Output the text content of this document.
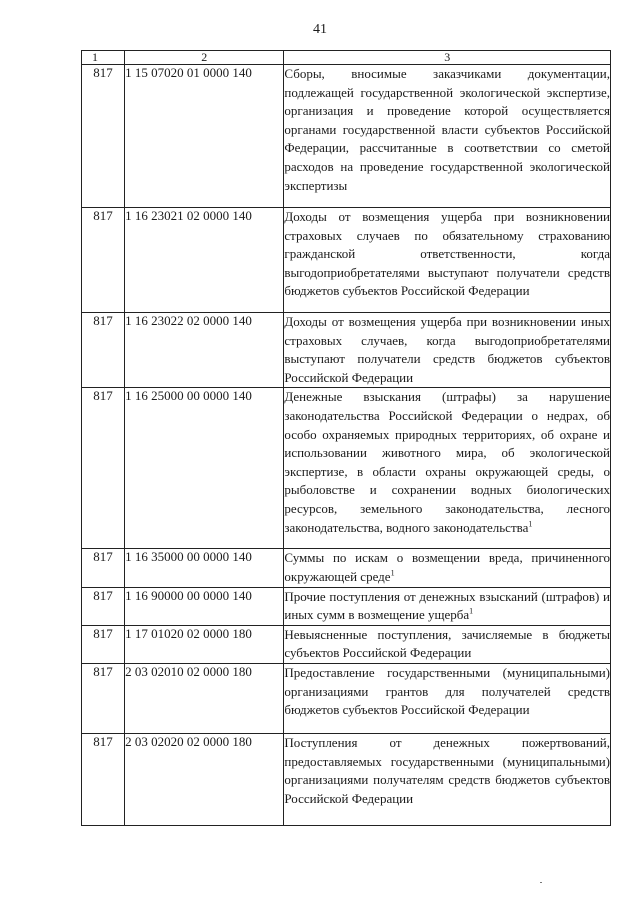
41
1	2	3
817	1 15 07020 01 0000 140	Сборы, вносимые заказчиками документации, подлежащей государственной экологической экспертизе, организация и проведение которой осуществляется органами государственной власти субъектов Российской Федерации, рассчитанные в соответствии со сметой расходов на проведение государственной экологической экспертизы

817	1 16 23021 02 0000 140	Доходы от возмещения ущерба при возникновении страховых случаев по обязательному страхованию гражданской ответственности, когда выгодоприобретателями выступают получатели средств бюджетов субъектов Российской Федерации

817	1 16 23022 02 0000 140	Доходы от возмещения ущерба при возникновении иных страховых случаев, когда выгодоприобретателями выступают получатели средств бюджетов субъектов Российской Федерации

817	1 16 25000 00 0000 140	Денежные взыскания (штрафы) за нарушение законодательства Российской Федерации о недрах, об особо охраняемых природных территориях, об охране и использовании животного мира, об экологической экспертизе, в области охраны окружающей среды, о рыболовстве и сохранении водных биологических ресурсов, земельного законодательства, лесного законодательства, водного законодательства$^1$

817	1 16 35000 00 0000 140	Суммы по искам о возмещении вреда, причиненного окружающей среде$^1$

817	1 16 90000 00 0000 140	Прочие поступления от денежных взысканий (штрафов) и иных сумм в возмещение ущерба$^1$

817	1 17 01020 02 0000 180	Невыясненные поступления, зачисляемые в бюджеты субъектов Российской Федерации

817	2 03 02010 02 0000 180	Предоставление государственными (муниципальными) организациями грантов для получателей средств бюджетов субъектов Российской Федерации

817	2 03 02020 02 0000 180	Поступления от денежных пожертвований, предоставляемых государственными (муниципальными) организациями получателям средств бюджетов субъектов Российской Федерации
